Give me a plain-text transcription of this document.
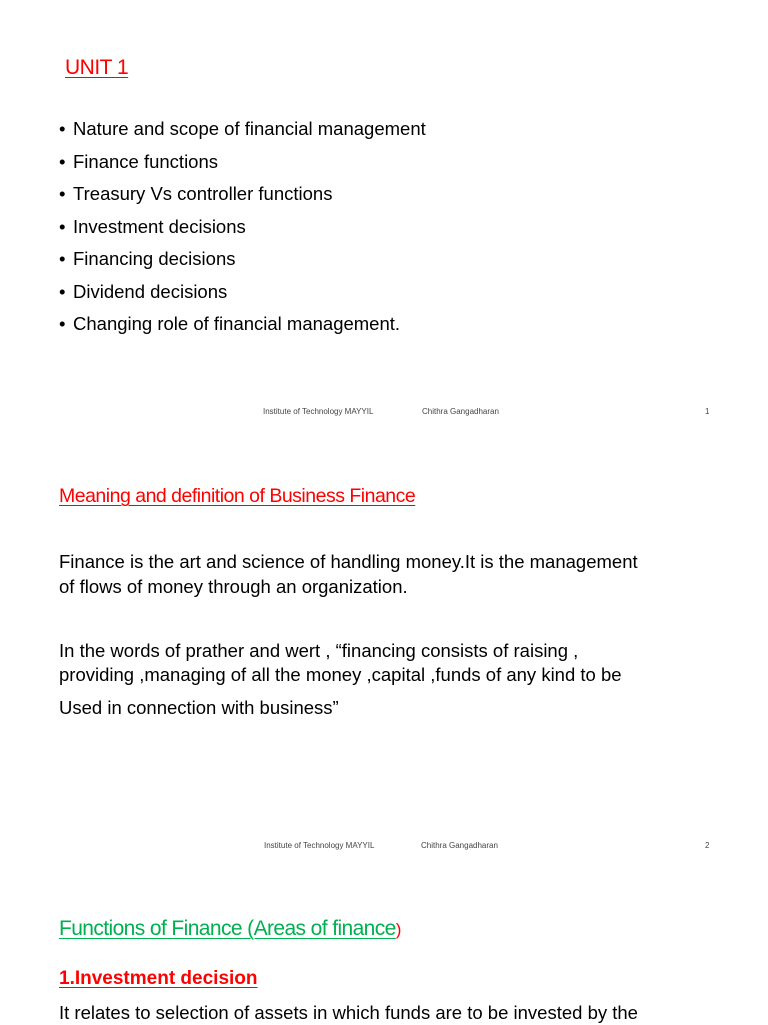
UNIT 1
• Nature and scope of financial management
• Finance functions
• Treasury Vs controller functions
• Investment decisions
• Financing decisions
• Dividend decisions
• Changing role of financial management.
Institute of Technology MAYYIL	Chithra Gangadharan	1
Meaning and definition of Business Finance
Finance is the art and science of handling money.It is the management
of flows of money through an organization.
In the words of prather and wert , “financing consists of raising ,
providing ,managing of all the money ,capital ,funds of any kind to be
Used in connection with business”
Institute of Technology MAYYIL	Chithra Gangadharan	2
Functions of Finance (Areas of finance)
1.Investment decision
It relates to selection of assets in which funds are to be invested by the
